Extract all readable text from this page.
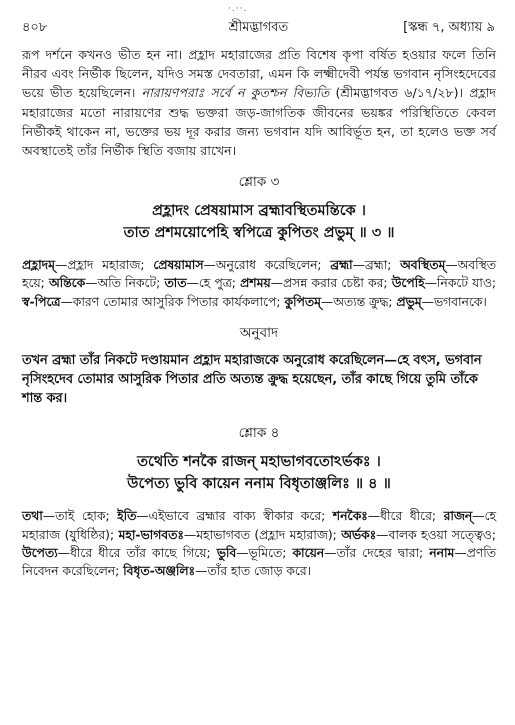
·.··.
৪০৮	শ্রীমদ্ভাগবত	[স্কন্ধ ৭, অধ্যায় ৯

রূপ দর্শনে কখনও ভীত হন না। প্রহ্লাদ মহারাজের প্রতি বিশেষ কৃপা বর্ষিত হওয়ার ফলে তিনি নীরব এবং নির্ভীক ছিলেন, যদিও সমস্ত দেবতারা, এমন কি লক্ষ্মীদেবী পর্যন্ত ভগবান নৃসিংহদেবের ভয়ে ভীত হয়েছিলেন। নারায়ণপরাঃ সর্বে ন কুতশ্চন বিভ্যতি (শ্রীমদ্ভাগবত ৬/১৭/২৮)। প্রহ্লাদ মহারাজের মতো নারায়ণের শুদ্ধ ভক্তরা জড়-জাগতিক জীবনের ভয়ঙ্কর পরিস্থিতিতে কেবল নির্ভীকই থাকেন না, ভক্তের ভয় দূর করার জন্য ভগবান যদি আবির্ভূত হন, তা হলেও ভক্ত সর্ব অবস্থাতেই তাঁর নির্ভীক স্থিতি বজায় রাখেন।

শ্লোক ৩

প্রহ্লাদং প্রেষয়ামাস ব্রহ্মাবস্থিতমন্তিকে ।

তাত প্রশময়োপেহি স্বপিত্রে কুপিতং প্রভুম্ ॥ ৩ ॥

প্রহ্লাদম্—প্রহ্লাদ মহারাজ; প্রেষয়ামাস—অনুরোধ করেছিলেন; ব্রহ্মা—ব্রহ্মা; অবস্থিতম্—অবস্থিত হয়ে; অন্তিকে—অতি নিকটে; তাত—হে পুত্র; প্রশময়—প্রসন্ন করার চেষ্টা কর; উপেহি—নিকটে যাও; স্ব-পিত্রে—কারণ তোমার আসুরিক পিতার কার্যকলাপে; কুপিতম্—অত্যন্ত ক্রুদ্ধ; প্রভুম্—ভগবানকে।

অনুবাদ

তখন ব্রহ্মা তাঁর নিকটে দণ্ডায়মান প্রহ্লাদ মহারাজকে অনুরোধ করেছিলেন—হে বৎস, ভগবান নৃসিংহদেব তোমার আসুরিক পিতার প্রতি অত্যন্ত ক্রুদ্ধ হয়েছেন, তাঁর কাছে গিয়ে তুমি তাঁকে শান্ত কর।

শ্লোক ৪

তথেতি শনকৈ রাজন্ মহাভাগবতোঽর্ভকঃ ।

উপেত্য ভুবি কায়েন ননাম বিধৃতাঞ্জলিঃ ॥ ৪ ॥

তথা—তাই হোক; ইতি—এইভাবে ব্রহ্মার বাক্য স্বীকার করে; শনকৈঃ—ধীরে ধীরে; রাজন্—হে মহারাজ (যুধিষ্ঠির); মহা-ভাগবতঃ—মহাভাগবত (প্রহ্লাদ মহারাজ); অর্ভকঃ—বালক হওয়া সত্ত্বেও; উপেত্য—ধীরে ধীরে তাঁর কাছে গিয়ে; ভুবি—ভূমিতে; কায়েন—তাঁর দেহের দ্বারা; ননাম—প্রণতি নিবেদন করেছিলেন; বিধৃত-অঞ্জলিঃ—তাঁর হাত জোড় করে।
